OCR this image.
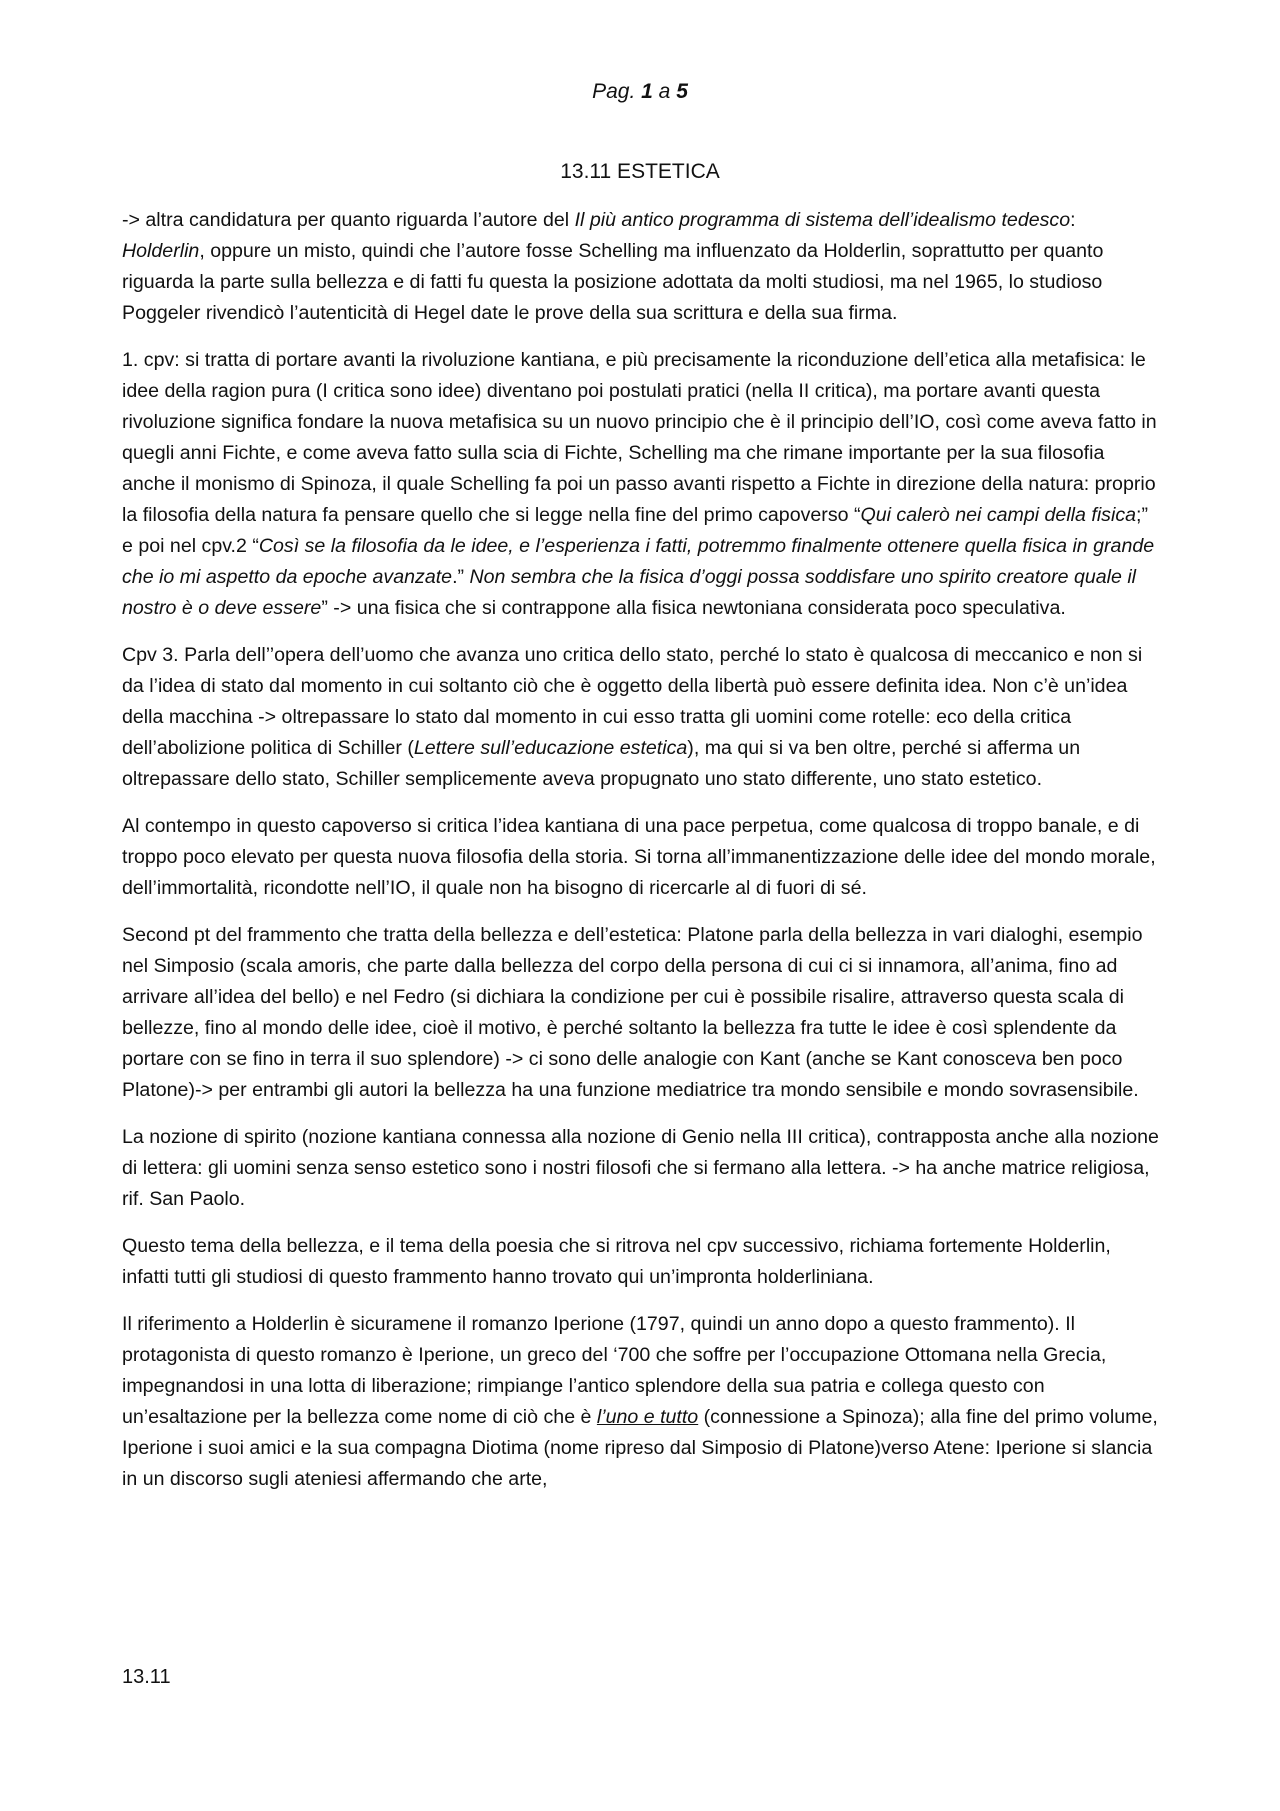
Pag. 1 a 5
13.11 ESTETICA

-> altra candidatura per quanto riguarda l’autore del Il più antico programma di sistema dell’idealismo tedesco: Holderlin, oppure un misto, quindi che l’autore fosse Schelling ma influenzato da Holderlin, soprattutto per quanto riguarda la parte sulla bellezza e di fatti fu questa la posizione adottata da molti studiosi, ma nel 1965, lo studioso Poggeler rivendicò l’autenticità di Hegel date le prove della sua scrittura e della sua firma.

1. cpv: si tratta di portare avanti la rivoluzione kantiana, e più precisamente la riconduzione dell’etica alla metafisica: le idee della ragion pura (I critica sono idee) diventano poi postulati pratici (nella II critica), ma portare avanti questa rivoluzione significa fondare la nuova metafisica su un nuovo principio che è il principio dell’IO, così come aveva fatto in quegli anni Fichte, e come aveva fatto sulla scia di Fichte, Schelling ma che rimane importante per la sua filosofia anche il monismo di Spinoza, il quale Schelling fa poi un passo avanti rispetto a Fichte in direzione della natura: proprio la filosofia della natura fa pensare quello che si legge nella fine del primo capoverso “Qui calerò nei campi della fisica;” e poi nel cpv.2 “Così se la filosofia da le idee, e l’esperienza i fatti, potremmo finalmente ottenere quella fisica in grande che io mi aspetto da epoche avanzate.” Non sembra che la fisica d’oggi possa soddisfare uno spirito creatore quale il nostro è o deve essere” -> una fisica che si contrappone alla fisica newtoniana considerata poco speculativa.

Cpv 3. Parla dell’’opera dell’uomo che avanza uno critica dello stato, perché lo stato è qualcosa di meccanico e non si da l’idea di stato dal momento in cui soltanto ciò che è oggetto della libertà può essere definita idea. Non c’è un’idea della macchina -> oltrepassare lo stato dal momento in cui esso tratta gli uomini come rotelle: eco della critica dell’abolizione politica di Schiller (Lettere sull’educazione estetica), ma qui si va ben oltre, perché si afferma un oltrepassare dello stato, Schiller semplicemente aveva propugnato uno stato differente, uno stato estetico.

Al contempo in questo capoverso si critica l’idea kantiana di una pace perpetua, come qualcosa di troppo banale, e di troppo poco elevato per questa nuova filosofia della storia. Si torna all’immanentizzazione delle idee del mondo morale, dell’immortalità, ricondotte nell’IO, il quale non ha bisogno di ricercarle al di fuori di sé.

Second pt del frammento che tratta della bellezza e dell’estetica: Platone parla della bellezza in vari dialoghi, esempio nel Simposio (scala amoris, che parte dalla bellezza del corpo della persona di cui ci si innamora, all’anima, fino ad arrivare all’idea del bello) e nel Fedro (si dichiara la condizione per cui è possibile risalire, attraverso questa scala di bellezze, fino al mondo delle idee, cioè il motivo, è perché soltanto la bellezza fra tutte le idee è così splendente da portare con se fino in terra il suo splendore) -> ci sono delle analogie con Kant (anche se Kant conosceva ben poco Platone)-> per entrambi gli autori la bellezza ha una funzione mediatrice tra mondo sensibile e mondo sovrasensibile.

La nozione di spirito (nozione kantiana connessa alla nozione di Genio nella III critica), contrapposta anche alla nozione di lettera: gli uomini senza senso estetico sono i nostri filosofi che si fermano alla lettera. -> ha anche matrice religiosa, rif. San Paolo.

Questo tema della bellezza, e il tema della poesia che si ritrova nel cpv successivo, richiama fortemente Holderlin, infatti tutti gli studiosi di questo frammento hanno trovato qui un’impronta holderliniana.

Il riferimento a Holderlin è sicuramene il romanzo Iperione (1797, quindi un anno dopo a questo frammento). Il protagonista di questo romanzo è Iperione, un greco del ‘700 che soffre per l’occupazione Ottomana nella Grecia, impegnandosi in una lotta di liberazione; rimpiange l’antico splendore della sua patria e collega questo con un’esaltazione per la bellezza come nome di ciò che è l’uno e tutto (connessione a Spinoza); alla fine del primo volume, Iperione i suoi amici e la sua compagna Diotima (nome ripreso dal Simposio di Platone)verso Atene: Iperione si slancia in un discorso sugli ateniesi affermando che arte,

13.11
